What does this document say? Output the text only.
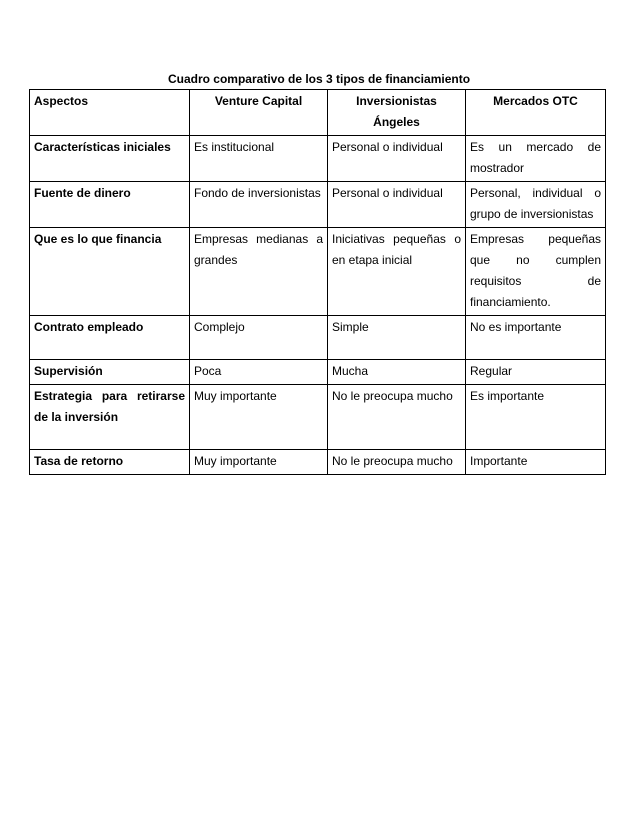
Cuadro comparativo de los 3 tipos de financiamiento
Aspectos	Venture Capital	Inversionistas Ángeles	Mercados OTC
Características iniciales	Es institucional	Personal o individual	Es un mercado de mostrador
Fuente de dinero	Fondo de inversionistas	Personal o individual	Personal, individual o grupo de inversionistas
Que es lo que financia	Empresas medianas a grandes	Iniciativas pequeñas o en etapa inicial	Empresas pequeñas que no cumplen requisitos de financiamiento.
Contrato empleado	Complejo	Simple	No es importante
Supervisión	Poca	Mucha	Regular
Estrategia para retirarse de la inversión	Muy importante	No le preocupa mucho	Es importante
Tasa de retorno	Muy importante	No le preocupa mucho	Importante
